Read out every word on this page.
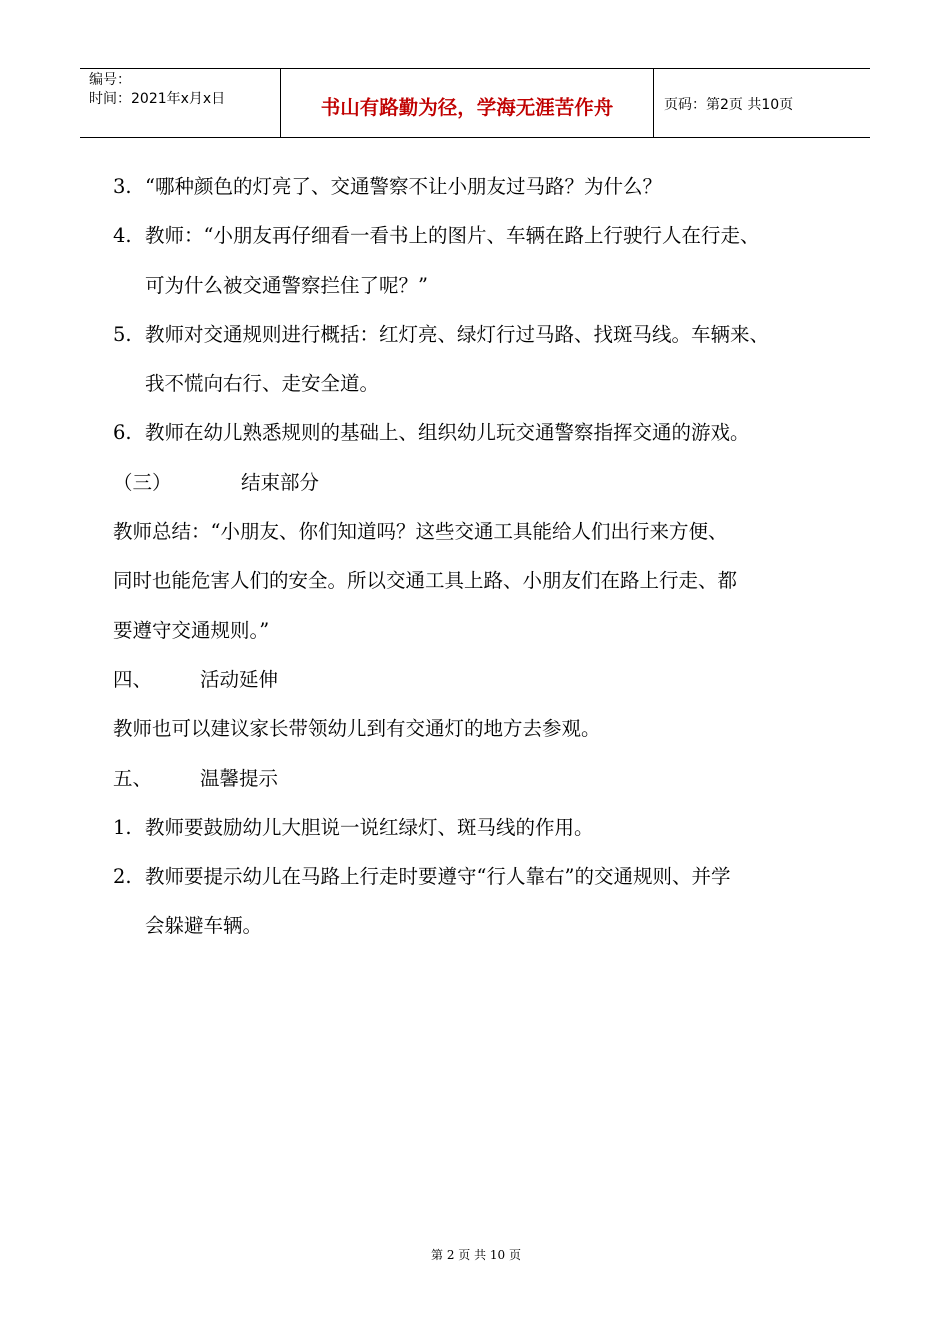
编号：
时间：2021年x月x日	书山有路勤为径，学海无涯苦作舟	页码：第2页 共10页
3. “哪种颜色的灯亮了、交通警察不让小朋友过马路？为什么？
4. 教师：“小朋友再仔细看一看书上的图片、车辆在路上行驶行人在行走、
可为什么被交通警察拦住了呢？”
5. 教师对交通规则进行概括：红灯亮、绿灯行过马路、找斑马线。车辆来、
我不慌向右行、走安全道。
6. 教师在幼儿熟悉规则的基础上、组织幼儿玩交通警察指挥交通的游戏。
（三）	结束部分
教师总结：“小朋友、你们知道吗？这些交通工具能给人们出行来方便、
同时也能危害人们的安全。所以交通工具上路、小朋友们在路上行走、都
要遵守交通规则。”
四、 活动延伸
教师也可以建议家长带领幼儿到有交通灯的地方去参观。
五、 温馨提示
1. 教师要鼓励幼儿大胆说一说红绿灯、斑马线的作用。
2. 教师要提示幼儿在马路上行走时要遵守“行人靠右”的交通规则、并学
会躲避车辆。
第 2 页 共 10 页
